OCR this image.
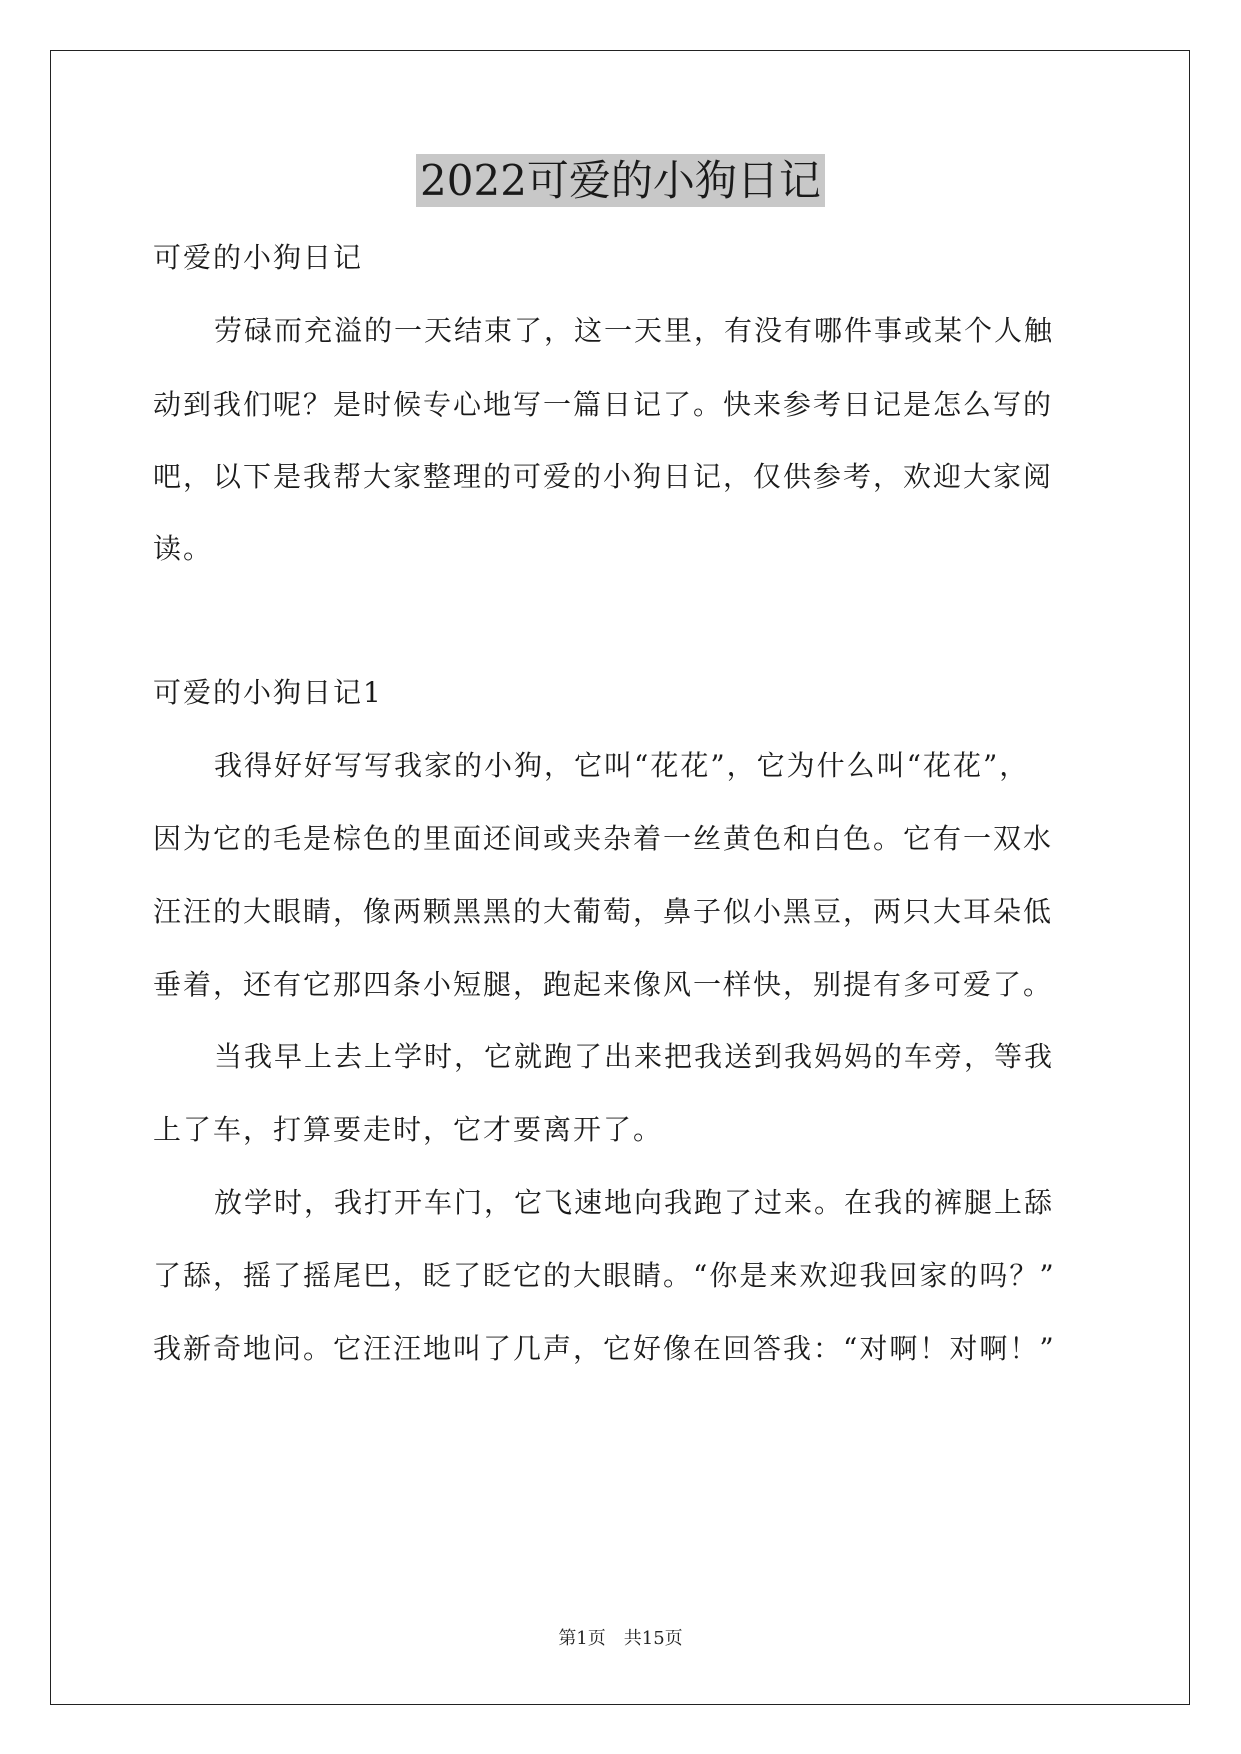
2022可爱的小狗日记

可爱的小狗日记

劳碌而充溢的一天结束了，这一天里，有没有哪件事或某个人触

动到我们呢？是时候专心地写一篇日记了。快来参考日记是怎么写的

吧，以下是我帮大家整理的可爱的小狗日记，仅供参考，欢迎大家阅

读。

可爱的小狗日记1

我得好好写写我家的小狗，它叫“花花”，它为什么叫“花花”，

因为它的毛是棕色的里面还间或夹杂着一丝黄色和白色。它有一双水

汪汪的大眼睛，像两颗黑黑的大葡萄，鼻子似小黑豆，两只大耳朵低

垂着，还有它那四条小短腿，跑起来像风一样快，别提有多可爱了。

当我早上去上学时，它就跑了出来把我送到我妈妈的车旁，等我

上了车，打算要走时，它才要离开了。

放学时，我打开车门，它飞速地向我跑了过来。在我的裤腿上舔

了舔，摇了摇尾巴，眨了眨它的大眼睛。“你是来欢迎我回家的吗？”

我新奇地问。它汪汪地叫了几声，它好像在回答我：“对啊！对啊！”

第1页　共15页
